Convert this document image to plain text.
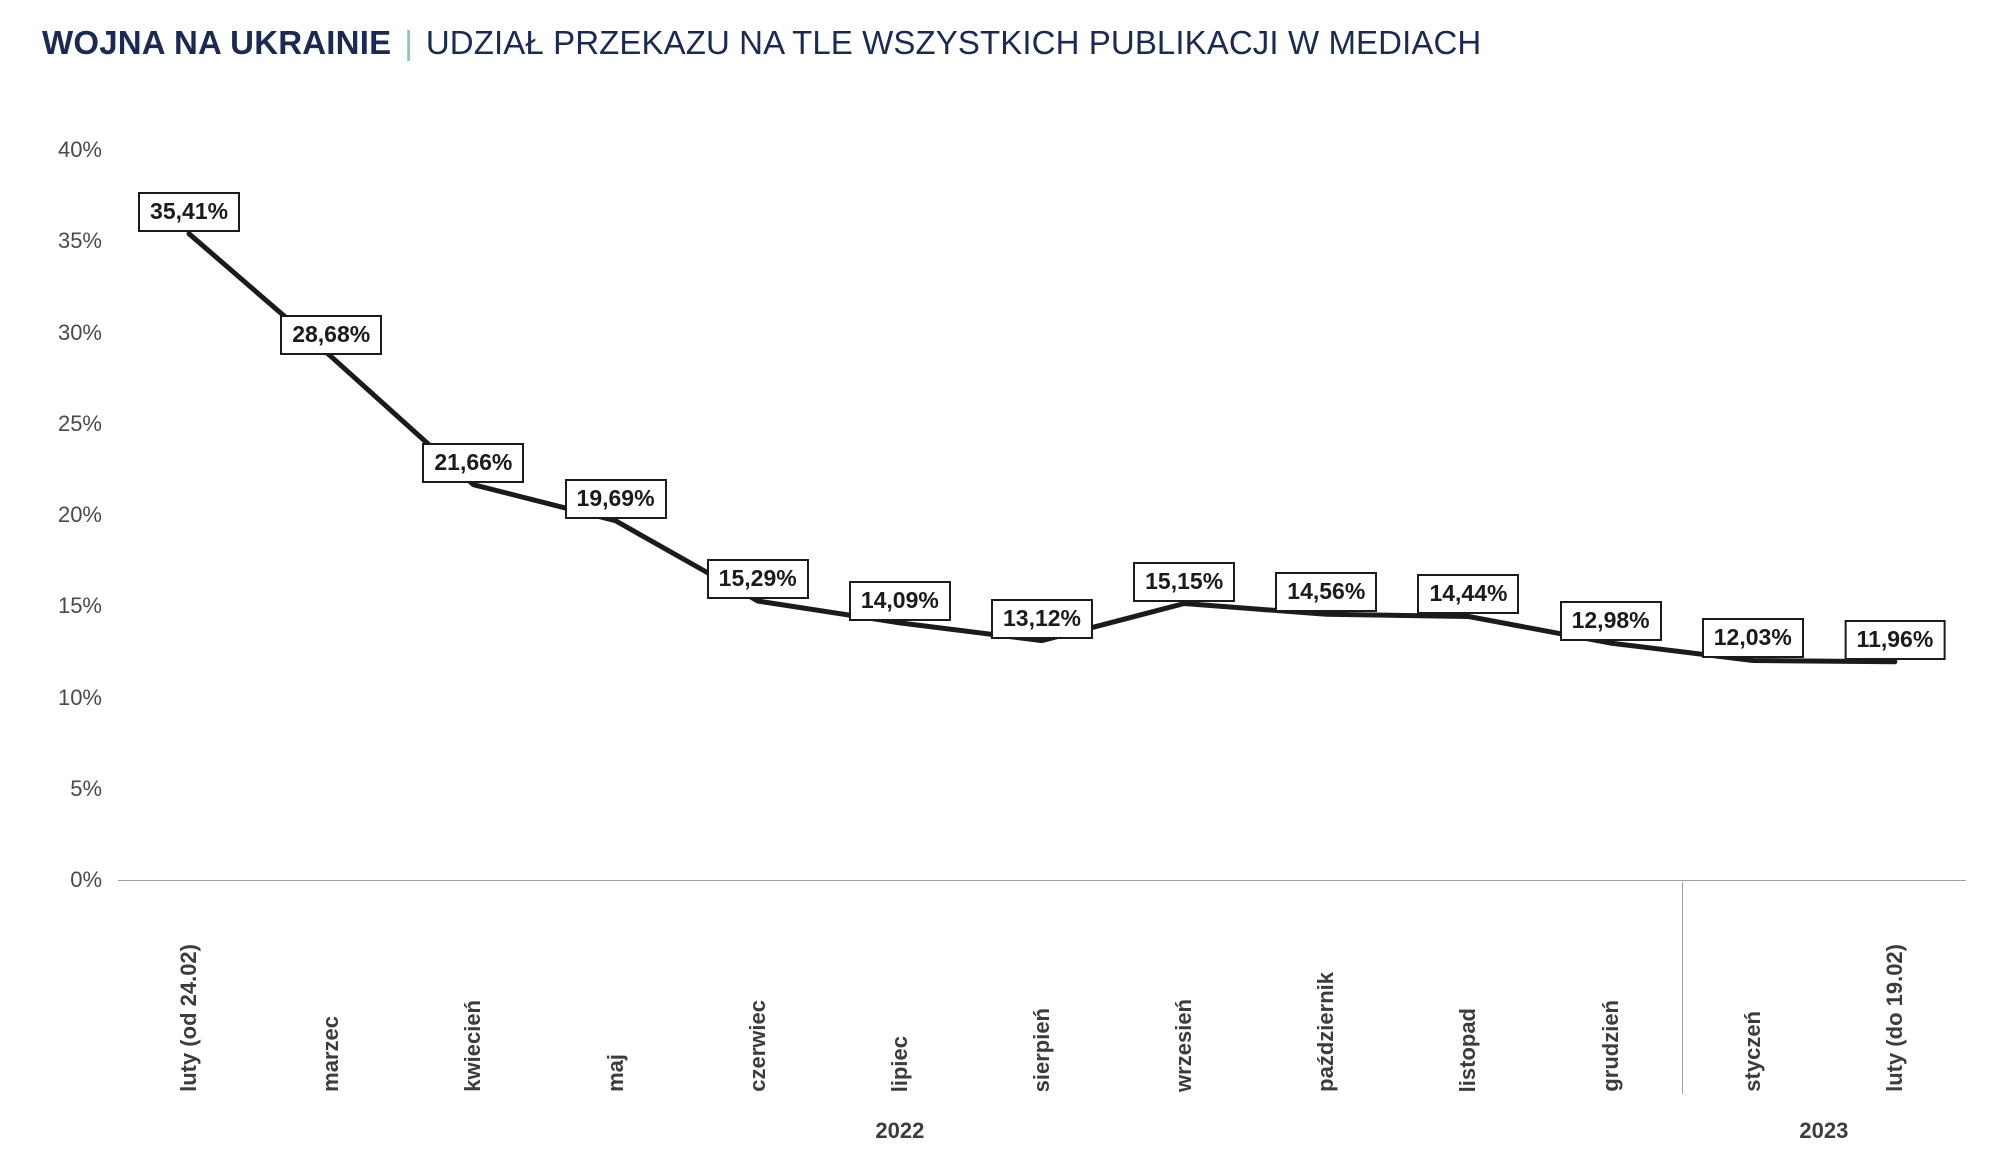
WOJNA NA UKRAINIE | UDZIAŁ PRZEKAZU NA TLE WSZYSTKICH PUBLIKACJI W MEDIACH
0%
5%
10%
15%
20%
25%
30%
35%
40%
35,41%
28,68%
21,66%
19,69%
15,29%
14,09%
13,12%
15,15%	14,56%	14,44%
12,98%
12,03%	11,96%
luty (od 24.02)	marzec	kwiecień	maj	czerwiec	lipiec	sierpień	wrzesień	październik	listopad	grudzień	styczeń	luty (do 19.02)
2022	2023
